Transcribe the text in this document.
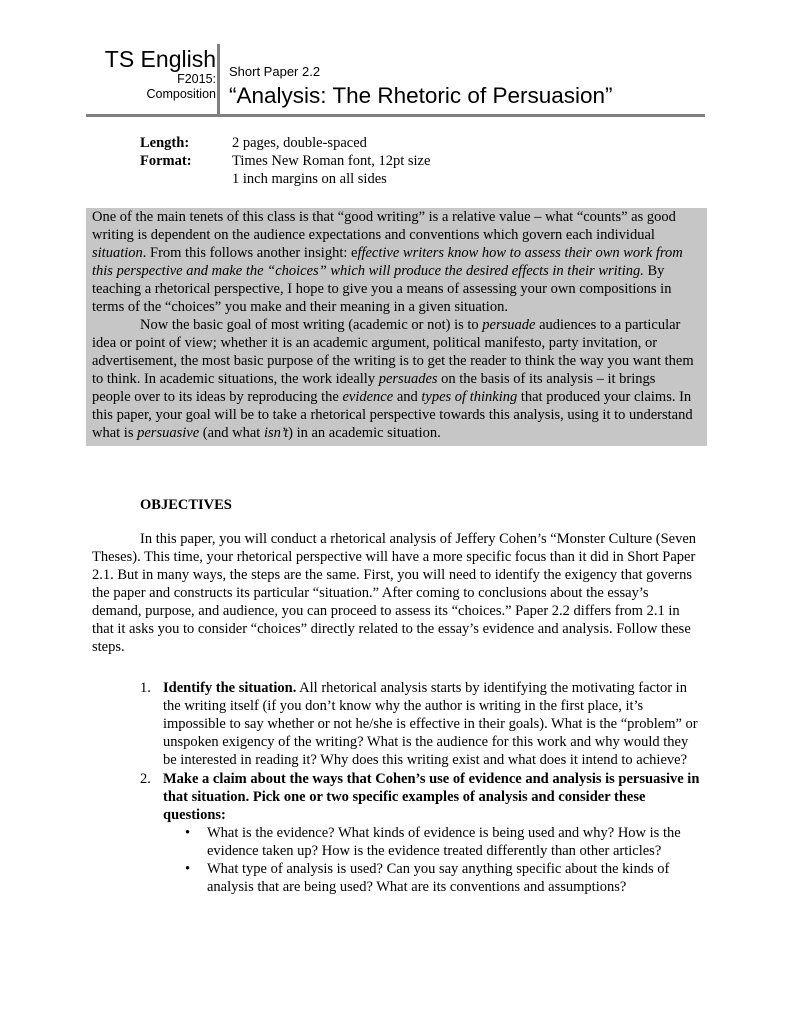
TS English
F2015:
Composition
Short Paper 2.2
“Analysis: The Rhetoric of Persuasion”
Length:	2 pages, double-spaced
Format:	Times New Roman font, 12pt size
1 inch margins on all sides

One of the main tenets of this class is that “good writing” is a relative value – what “counts” as good writing is dependent on the audience expectations and conventions which govern each individual situation. From this follows another insight: effective writers know how to assess their own work from this perspective and make the “choices” which will produce the desired effects in their writing. By teaching a rhetorical perspective, I hope to give you a means of assessing your own compositions in terms of the “choices” you make and their meaning in a given situation.

Now the basic goal of most writing (academic or not) is to persuade audiences to a particular idea or point of view; whether it is an academic argument, political manifesto, party invitation, or advertisement, the most basic purpose of the writing is to get the reader to think the way you want them to think. In academic situations, the work ideally persuades on the basis of its analysis – it brings people over to its ideas by reproducing the evidence and types of thinking that produced your claims. In this paper, your goal will be to take a rhetorical perspective towards this analysis, using it to understand what is persuasive (and what isn’t) in an academic situation.

OBJECTIVES

In this paper, you will conduct a rhetorical analysis of Jeffery Cohen’s “Monster Culture (Seven Theses). This time, your rhetorical perspective will have a more specific focus than it did in Short Paper 2.1. But in many ways, the steps are the same. First, you will need to identify the exigency that governs the paper and constructs its particular “situation.” After coming to conclusions about the essay’s demand, purpose, and audience, you can proceed to assess its “choices.” Paper 2.2 differs from 2.1 in that it asks you to consider “choices” directly related to the essay’s evidence and analysis. Follow these steps.

1. Identify the situation. All rhetorical analysis starts by identifying the motivating factor in the writing itself (if you don’t know why the author is writing in the first place, it’s impossible to say whether or not he/she is effective in their goals). What is the “problem” or unspoken exigency of the writing? What is the audience for this work and why would they be interested in reading it? Why does this writing exist and what does it intend to achieve?
2. Make a claim about the ways that Cohen’s use of evidence and analysis is persuasive in that situation. Pick one or two specific examples of analysis and consider these questions:
•	What is the evidence? What kinds of evidence is being used and why? How is the evidence taken up? How is the evidence treated differently than other articles?
•	What type of analysis is used? Can you say anything specific about the kinds of analysis that are being used? What are its conventions and assumptions?
